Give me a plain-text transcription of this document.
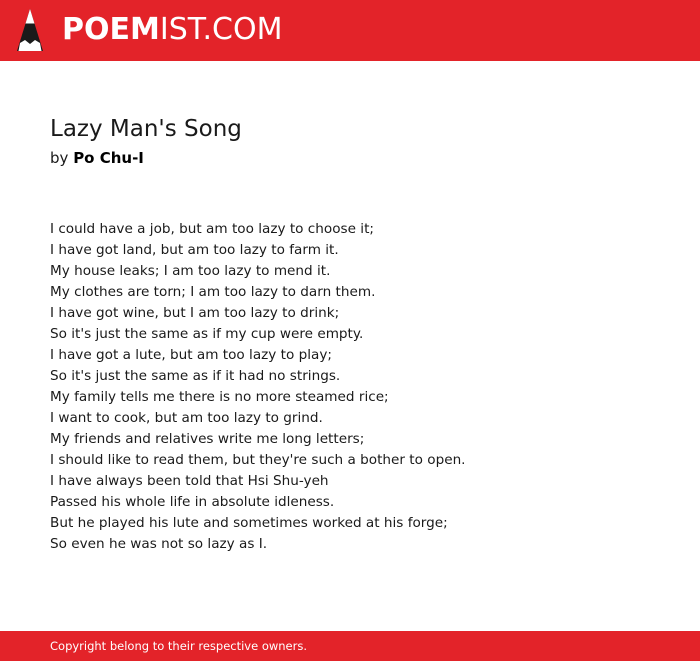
POEMIST.COM
Lazy Man's Song
by Po Chu-I
I could have a job, but am too lazy to choose it;
I have got land, but am too lazy to farm it.
My house leaks; I am too lazy to mend it.
My clothes are torn; I am too lazy to darn them.
I have got wine, but I am too lazy to drink;
So it's just the same as if my cup were empty.
I have got a lute, but am too lazy to play;
So it's just the same as if it had no strings.
My family tells me there is no more steamed rice;
I want to cook, but am too lazy to grind.
My friends and relatives write me long letters;
I should like to read them, but they're such a bother to open.
I have always been told that Hsi Shu-yeh
Passed his whole life in absolute idleness.
But he played his lute and sometimes worked at his forge;
So even he was not so lazy as I.
Copyright belong to their respective owners.
